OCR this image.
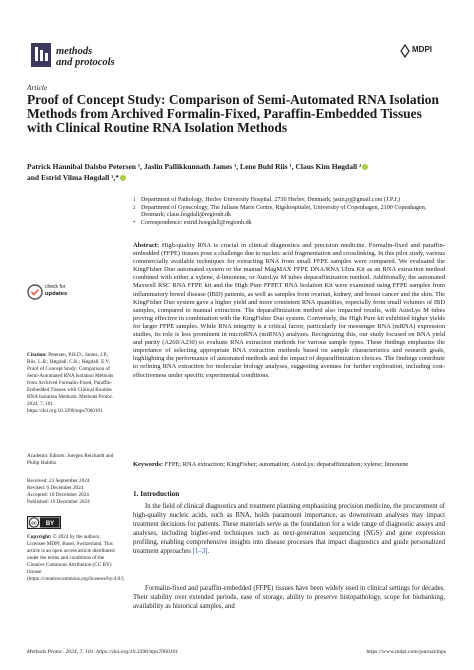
methods
and protocols
MDPI
Article
Proof of Concept Study: Comparison of Semi-Automated RNA Isolation Methods from Archived Formalin-Fixed, Paraffin-Embedded Tissues with Clinical Routine RNA Isolation Methods
Patrick Hannibal Dalsbo Petersen ¹, Jaslin Pallikkunnath James ¹, Lene Buhl Riis ¹, Claus Kim Høgdall ²
and Estrid Vilma Høgdall ¹,*
1 Department of Pathology, Herlev University Hospital, 2730 Herlev, Denmark; jasin.pj@gmail.com (J.P.J.)
2 Department of Gynecology, The Juliane Marie Centre, Rigshospitalet, University of Copenhagen, 2100 Copenhagen, Denmark; claus.hogdall@regionh.dk
* Correspondence: estrid.hoegdall@regionh.dk
Abstract: High-quality RNA is crucial in clinical diagnostics and precision medicine. Formalin-fixed and paraffin-embedded (FFPE) tissues pose a challenge due to nucleic acid fragmentation and crosslinking. In this pilot study, various commercially available techniques for extracting RNA from small FFPE samples were compared. We evaluated the KingFisher Duo automated system or the manual MagMAX FFPE DNA/RNA Ultra Kit as an RNA extraction method combined with either a xylene, d-limonene, or AutoLys M tubes deparaffinization method. Additionally, the automated Maxwell RSC RNA FFPE kit and the High Pure FFPET RNA Isolation Kit were examined using FFPE samples from inflammatory bowel disease (IBD) patients, as well as samples from ovarian, kidney, and breast cancer and the skin. The KingFisher Duo system gave a higher yield and more consistent RNA quantities, especially from small volumes of IBD samples, compared to manual extraction. The deparaffinization method also impacted results, with AutoLys M tubes proving effective in combination with the KingFisher Duo system. Conversely, the High Pure kit exhibited higher yields for larger FFPE samples. While RNA integrity is a critical factor, particularly for messenger RNA (mRNA) expression studies, its role is less prominent in microRNA (miRNA) analyses. Recognizing this, our study focused on RNA yield and purity (A260/A230) to evaluate RNA extraction methods for various sample types. These findings emphasize the importance of selecting appropriate RNA extraction methods based on sample characteristics and research goals, highlighting the performance of automated methods and the impact of deparaffinization choices. The findings contribute to refining RNA extraction for molecular biology analyses, suggesting avenues for further exploration, including cost-effectiveness under specific experimental conditions.
Keywords: FFPE; RNA extraction; KingFisher; automation; AutoLys; deparaffinization; xylene; limonene
1. Introduction
In the field of clinical diagnostics and treatment planning emphasizing precision medicine, the procurement of high-quality nucleic acids, such as RNA, holds paramount importance, as downstream analyses may impact treatment decisions for patients. These materials serve as the foundation for a wide range of diagnostic assays and analyses, including higher-end techniques such as next-generation sequencing (NGS) and gene expression profiling, enabling comprehensive insights into disease processes that impact diagnostics and guide personalized treatment approaches [1–3].
Formalin-fixed and paraffin-embedded (FFPE) tissues have been widely used in clinical settings for decades. Their stability over extended periods, ease of storage, ability to preserve histopathology, scope for biobanking, availability as historical samples, and
check for
updates
Citation: Petersen, P.H.D.; James, J.P.; Riis, L.B.; Høgdall, C.K.; Høgdall, E.V. Proof of Concept Study: Comparison of Semi-Automated RNA Isolation Methods from Archived Formalin-Fixed, Paraffin-Embedded Tissues with Clinical Routine RNA Isolation Methods. Methods Protoc. 2024, 7, 101. https://doi.org/10.3390/mps7060101
Academic Editors: Juergen Reichardt and Philip Hublitz
Received: 23 September 2024
Revised: 6 December 2024
Accepted: 10 December 2024
Published: 19 December 2024
cc BY
Copyright: © 2024 by the authors. Licensee MDPI, Basel, Switzerland. This article is an open access article distributed under the terms and conditions of the Creative Commons Attribution (CC BY) license (https://creativecommons.org/licenses/by/4.0/).
Methods Protoc. 2024, 7, 101. https://doi.org/10.3390/mps7060101	https://www.mdpi.com/journal/mps
